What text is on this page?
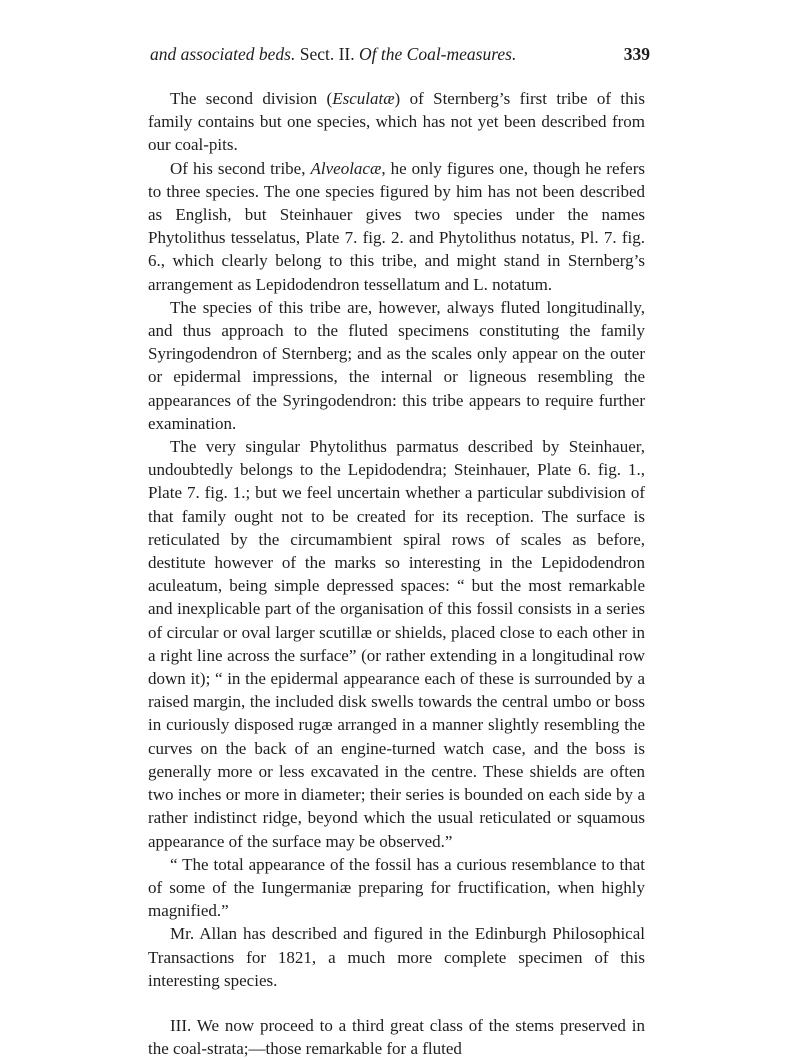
and associated beds. Sect. II. Of the Coal-measures.	339

The second division (Esculatæ) of Sternberg’s first tribe of this family contains but one species, which has not yet been described from our coal-pits.

Of his second tribe, Alveolacæ, he only figures one, though he refers to three species. The one species figured by him has not been described as English, but Steinhauer gives two species under the names Phytolithus tesselatus, Plate 7. fig. 2. and Phytolithus notatus, Pl. 7. fig. 6., which clearly belong to this tribe, and might stand in Sternberg’s arrangement as Lepidodendron tessellatum and L. notatum.

The species of this tribe are, however, always fluted longitudinally, and thus approach to the fluted specimens constituting the family Syringodendron of Sternberg; and as the scales only appear on the outer or epidermal impressions, the internal or ligneous resembling the appearances of the Syringodendron: this tribe appears to require further examination.

The very singular Phytolithus parmatus described by Steinhauer, undoubtedly belongs to the Lepidodendra; Steinhauer, Plate 6. fig. 1., Plate 7. fig. 1.; but we feel uncertain whether a particular subdivision of that family ought not to be created for its reception. The surface is reticulated by the circumambient spiral rows of scales as before, destitute however of the marks so interesting in the Lepidodendron aculeatum, being simple depressed spaces: “ but the most remarkable and inexplicable part of the organisation of this fossil consists in a series of circular or oval larger scutillæ or shields, placed close to each other in a right line across the surface” (or rather extending in a longitudinal row down it); “ in the epidermal appearance each of these is surrounded by a raised margin, the included disk swells towards the central umbo or boss in curiously disposed rugæ arranged in a manner slightly resembling the curves on the back of an engine-turned watch case, and the boss is generally more or less excavated in the centre. These shields are often two inches or more in diameter; their series is bounded on each side by a rather indistinct ridge, beyond which the usual reticulated or squamous appearance of the surface may be observed.”

“ The total appearance of the fossil has a curious resemblance to that of some of the Iungermaniæ preparing for fructification, when highly magnified.”

Mr. Allan has described and figured in the Edinburgh Philosophical Transactions for 1821, a much more complete specimen of this interesting species.

III. We now proceed to a third great class of the stems preserved in the coal-strata;—those remarkable for a fluted
